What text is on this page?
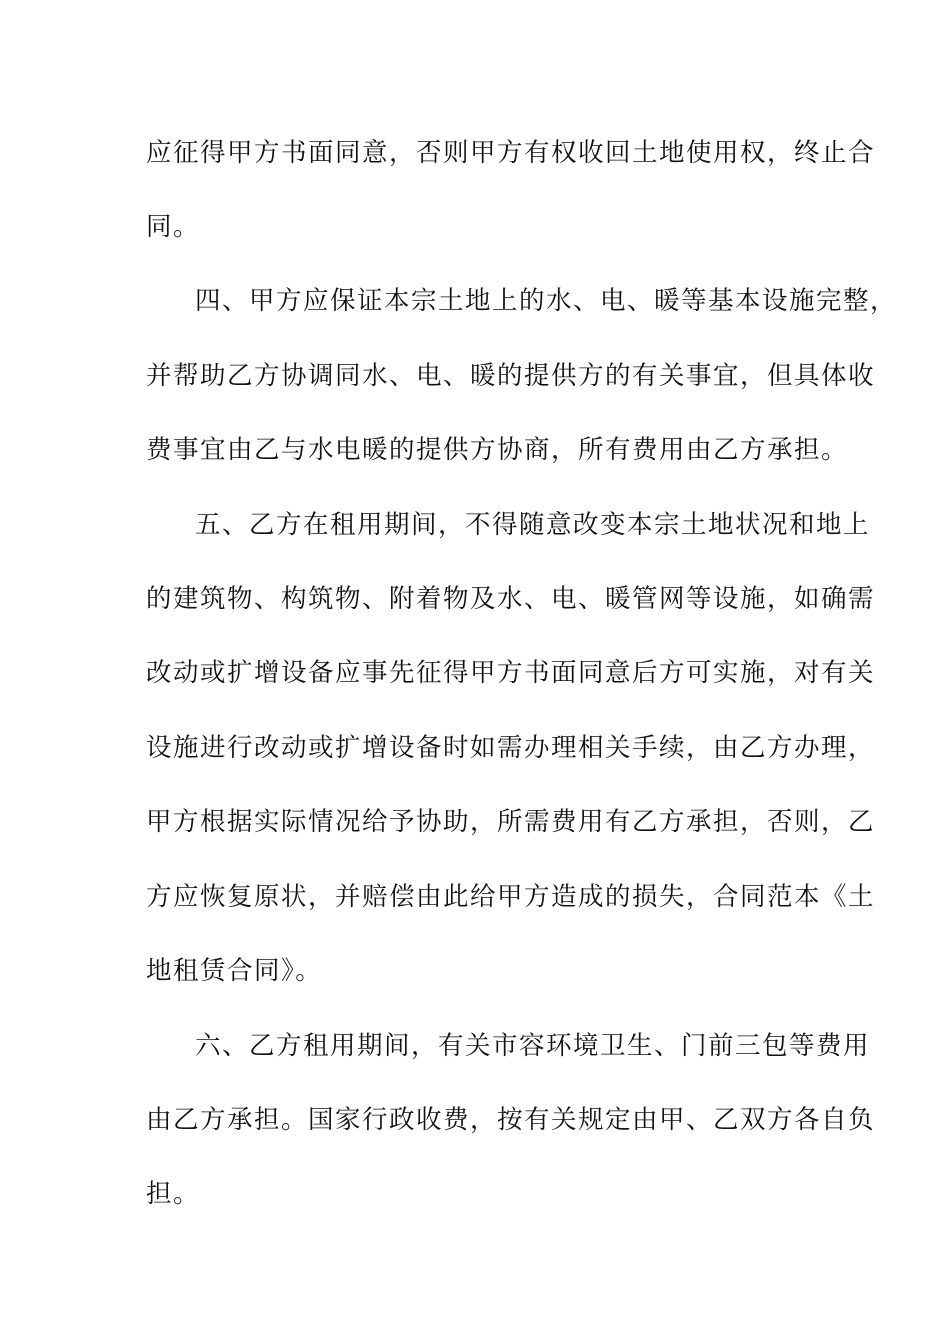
应征得甲方书面同意，否则甲方有权收回土地使用权，终止合
同。
四、甲方应保证本宗土地上的水、电、暖等基本设施完整，
并帮助乙方协调同水、电、暖的提供方的有关事宜，但具体收
费事宜由乙与水电暖的提供方协商，所有费用由乙方承担。
五、乙方在租用期间，不得随意改变本宗土地状况和地上
的建筑物、构筑物、附着物及水、电、暖管网等设施，如确需
改动或扩增设备应事先征得甲方书面同意后方可实施，对有关
设施进行改动或扩增设备时如需办理相关手续，由乙方办理，
甲方根据实际情况给予协助，所需费用有乙方承担，否则，乙
方应恢复原状，并赔偿由此给甲方造成的损失，合同范本《土
地租赁合同》。
六、乙方租用期间，有关市容环境卫生、门前三包等费用
由乙方承担。国家行政收费，按有关规定由甲、乙双方各自负
担。
